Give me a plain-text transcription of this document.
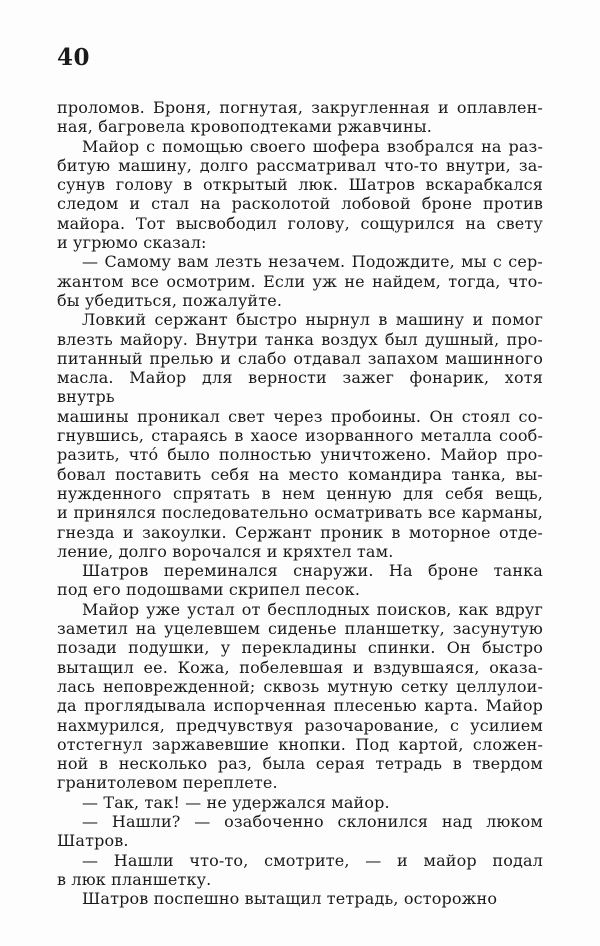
40
проломов. Броня, погнутая, закругленная и оплавлен-
ная, багровела кровоподтеками ржавчины.
Майор с помощью своего шофера взобрался на раз-
битую машину, долго рассматривал что-то внутри, за-
сунув голову в открытый люк. Шатров вскарабкался
следом и стал на расколотой лобовой броне против
майора. Тот высвободил голову, сощурился на свету
и угрюмо сказал:
— Самому вам лезть незачем. Подождите, мы с сер-
жантом все осмотрим. Если уж не найдем, тогда, что-
бы убедиться, пожалуйте.
Ловкий сержант быстро нырнул в машину и помог
влезть майору. Внутри танка воздух был душный, про-
питанный прелью и слабо отдавал запахом машинного
масла. Майор для верности зажег фонарик, хотя внутрь
машины проникал свет через пробоины. Он стоял со-
гнувшись, стараясь в хаосе изорванного металла сооб-
разить, что́ было полностью уничтожено. Майор про-
бовал поставить себя на место командира танка, вы-
нужденного спрятать в нем ценную для себя вещь,
и принялся последовательно осматривать все карманы,
гнезда и закоулки. Сержант проник в моторное отде-
ление, долго ворочался и кряхтел там.
Шатров переминался снаружи. На броне танка
под его подошвами скрипел песок.
Майор уже устал от бесплодных поисков, как вдруг
заметил на уцелевшем сиденье планшетку, засунутую
позади подушки, у перекладины спинки. Он быстро
вытащил ее. Кожа, побелевшая и вздувшаяся, оказа-
лась неповрежденной; сквозь мутную сетку целлулои-
да проглядывала испорченная плесенью карта. Майор
нахмурился, предчувствуя разочарование, с усилием
отстегнул заржавевшие кнопки. Под картой, сложен-
ной в несколько раз, была серая тетрадь в твердом
гранитолевом переплете.
— Так, так! — не удержался майор.
— Нашли? — озабоченно склонился над люком
Шатров.
— Нашли что-то, смотрите, — и майор подал
в люк планшетку.
Шатров поспешно вытащил тетрадь, осторожно
